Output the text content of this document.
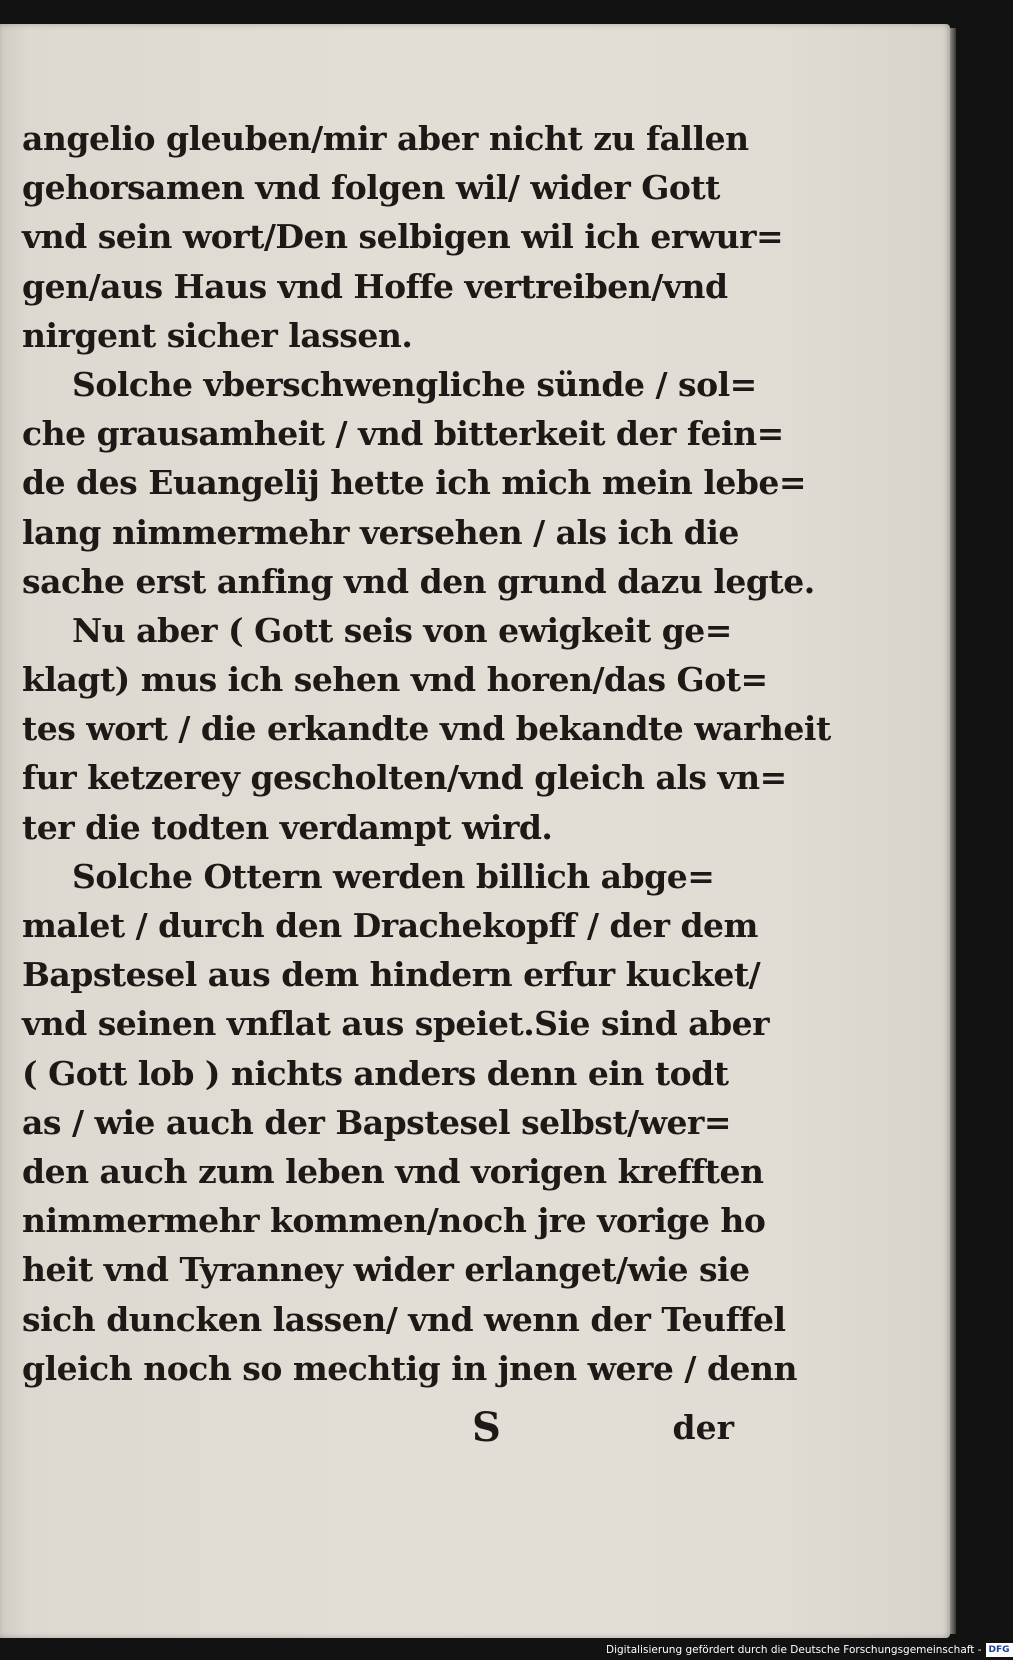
angelio gleuben/mir aber nicht zu fallen
gehorsamen vnd folgen wil/ wider Gott
vnd sein wort/Den selbigen wil ich erwur=
gen/aus Haus vnd Hoffe vertreiben/vnd
nirgent sicher lassen.
Solche vberschwengliche sünde / sol=
che grausamheit / vnd bitterkeit der fein=
de des Euangelij hette ich mich mein lebe=
lang nimmermehr versehen / als ich die
sache erst anfing vnd den grund dazu legte.
Nu aber ( Gott seis von ewigkeit ge=
klagt) mus ich sehen vnd horen/das Got=
tes wort / die erkandte vnd bekandte warheit
fur ketzerey gescholten/vnd gleich als vn=
ter die todten verdampt wird.
Solche Ottern werden billich abge=
malet / durch den Drachekopff / der dem
Bapstesel aus dem hindern erfur kucket/
vnd seinen vnflat aus speiet.Sie sind aber
( Gott lob ) nichts anders denn ein todt
as / wie auch der Bapstesel selbst/wer=
den auch zum leben vnd vorigen krefften
nimmermehr kommen/noch jre vorige ho
heit vnd Tyranney wider erlanget/wie sie
sich duncken lassen/ vnd wenn der Teuffel
gleich noch so mechtig in jnen were / denn
S	der
Digitalisierung gefördert durch die Deutsche Forschungsgemeinschaft - DFG
